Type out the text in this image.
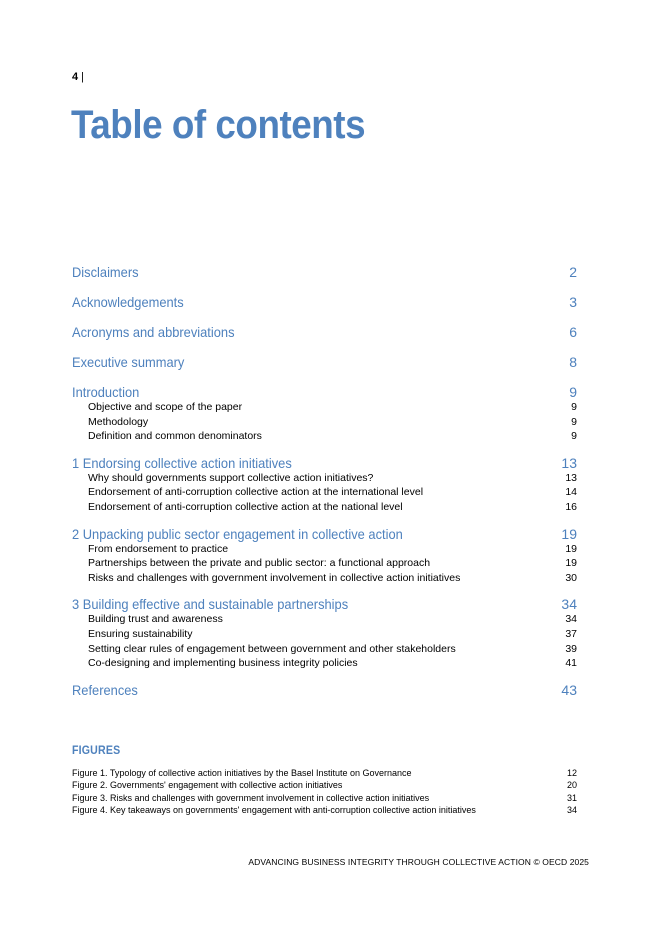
4 |
Table of contents
Disclaimers	2
Acknowledgements	3
Acronyms and abbreviations	6
Executive summary	8
Introduction	9
Objective and scope of the paper	9
Methodology	9
Definition and common denominators	9
1 Endorsing collective action initiatives	13
Why should governments support collective action initiatives?	13
Endorsement of anti-corruption collective action at the international level	14
Endorsement of anti-corruption collective action at the national level	16
2 Unpacking public sector engagement in collective action	19
From endorsement to practice	19
Partnerships between the private and public sector: a functional approach	19
Risks and challenges with government involvement in collective action initiatives	30
3 Building effective and sustainable partnerships	34
Building trust and awareness	34
Ensuring sustainability	37
Setting clear rules of engagement between government and other stakeholders	39
Co-designing and implementing business integrity policies	41
References	43
FIGURES
Figure 1. Typology of collective action initiatives by the Basel Institute on Governance	12
Figure 2. Governments' engagement with collective action initiatives	20
Figure 3. Risks and challenges with government involvement in collective action initiatives	31
Figure 4. Key takeaways on governments' engagement with anti-corruption collective action initiatives	34
ADVANCING BUSINESS INTEGRITY THROUGH COLLECTIVE ACTION © OECD 2025
